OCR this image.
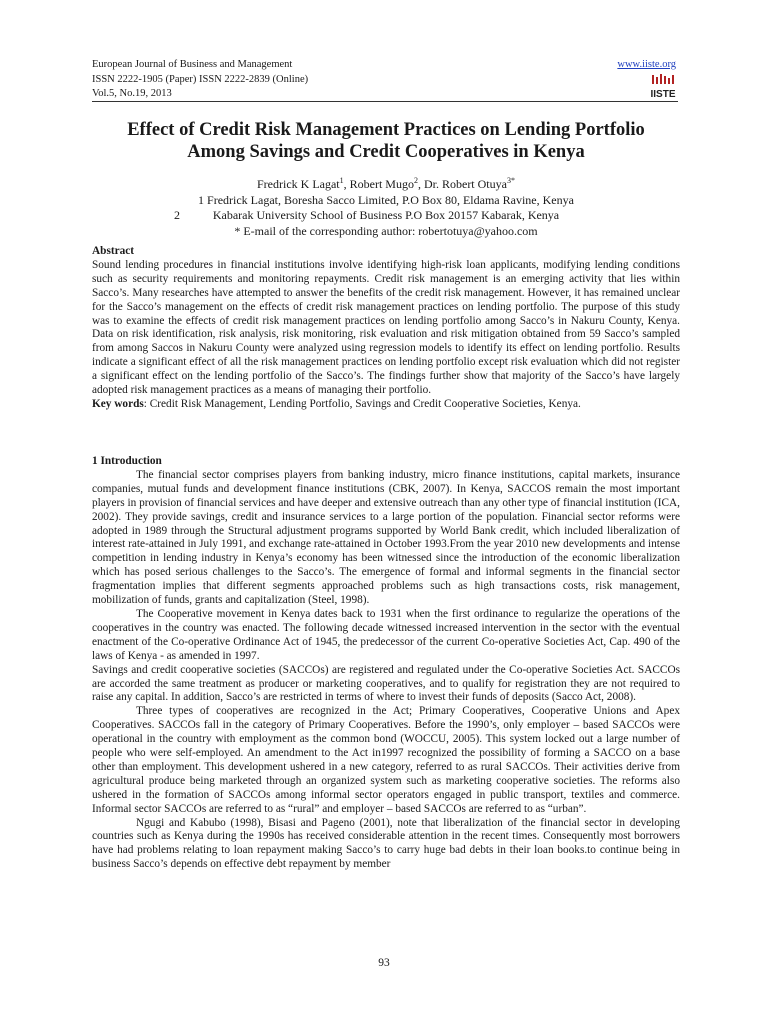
European Journal of Business and Management
ISSN 2222-1905 (Paper) ISSN 2222-2839 (Online)
Vol.5, No.19, 2013
www.iiste.org
IISTE
Effect of Credit Risk Management Practices on Lending Portfolio
Among Savings and Credit Cooperatives in Kenya
Fredrick K Lagat$^1$, Robert Mugo$^2$, Dr. Robert Otuya$^{3*}$
1 Fredrick Lagat, Boresha Sacco Limited, P.O Box 80, Eldama Ravine, Kenya
2	Kabarak University School of Business P.O Box 20157 Kabarak, Kenya
* E-mail of the corresponding author: robertotuya@yahoo.com
Abstract

Sound lending procedures in financial institutions involve identifying high-risk loan applicants, modifying lending conditions such as security requirements and monitoring repayments. Credit risk management is an emerging activity that lies within Sacco’s. Many researches have attempted to answer the benefits of the credit risk management. However, it has remained unclear for the Sacco’s management on the effects of credit risk management practices on lending portfolio. The purpose of this study was to examine the effects of credit risk management practices on lending portfolio among Sacco’s in Nakuru County, Kenya. Data on risk identification, risk analysis, risk monitoring, risk evaluation and risk mitigation obtained from 59 Sacco’s sampled from among Saccos in Nakuru County were analyzed using regression models to identify its effect on lending portfolio. Results indicate a significant effect of all the risk management practices on lending portfolio except risk evaluation which did not register a significant effect on the lending portfolio of the Sacco’s. The findings further show that majority of the Sacco’s have largely adopted risk management practices as a means of managing their portfolio.

Key words: Credit Risk Management, Lending Portfolio, Savings and Credit Cooperative Societies, Kenya.

1 Introduction

The financial sector comprises players from banking industry, micro finance institutions, capital markets, insurance companies, mutual funds and development finance institutions (CBK, 2007). In Kenya, SACCOS remain the most important players in provision of financial services and have deeper and extensive outreach than any other type of financial institution (ICA, 2002). They provide savings, credit and insurance services to a large portion of the population. Financial sector reforms were adopted in 1989 through the Structural adjustment programs supported by World Bank credit, which included liberalization of interest rate-attained in July 1991, and exchange rate-attained in October 1993.From the year 2010 new developments and intense competition in lending industry in Kenya’s economy has been witnessed since the introduction of the economic liberalization which has posed serious challenges to the Sacco’s. The emergence of formal and informal segments in the financial sector fragmentation implies that different segments approached problems such as high transactions costs, risk management, mobilization of funds, grants and capitalization (Steel, 1998).

The Cooperative movement in Kenya dates back to 1931 when the first ordinance to regularize the operations of the cooperatives in the country was enacted. The following decade witnessed increased intervention in the sector with the eventual enactment of the Co-operative Ordinance Act of 1945, the predecessor of the current Co-operative Societies Act, Cap. 490 of the laws of Kenya - as amended in 1997.

Savings and credit cooperative societies (SACCOs) are registered and regulated under the Co-operative Societies Act. SACCOs are accorded the same treatment as producer or marketing cooperatives, and to qualify for registration they are not required to raise any capital. In addition, Sacco’s are restricted in terms of where to invest their funds of deposits (Sacco Act, 2008).

Three types of cooperatives are recognized in the Act; Primary Cooperatives, Cooperative Unions and Apex Cooperatives. SACCOs fall in the category of Primary Cooperatives. Before the 1990’s, only employer – based SACCOs were operational in the country with employment as the common bond (WOCCU, 2005). This system locked out a large number of people who were self-employed. An amendment to the Act in1997 recognized the possibility of forming a SACCO on a base other than employment. This development ushered in a new category, referred to as rural SACCOs. Their activities derive from agricultural produce being marketed through an organized system such as marketing cooperative societies. The reforms also ushered in the formation of SACCOs among informal sector operators engaged in public transport, textiles and commerce. Informal sector SACCOs are referred to as “rural” and employer – based SACCOs are referred to as “urban”.

Ngugi and Kabubo (1998), Bisasi and Pageno (2001), note that liberalization of the financial sector in developing countries such as Kenya during the 1990s has received considerable attention in the recent times. Consequently most borrowers have had problems relating to loan repayment making Sacco’s to carry huge bad debts in their loan books.to continue being in business Sacco’s depends on effective debt repayment by member

93
